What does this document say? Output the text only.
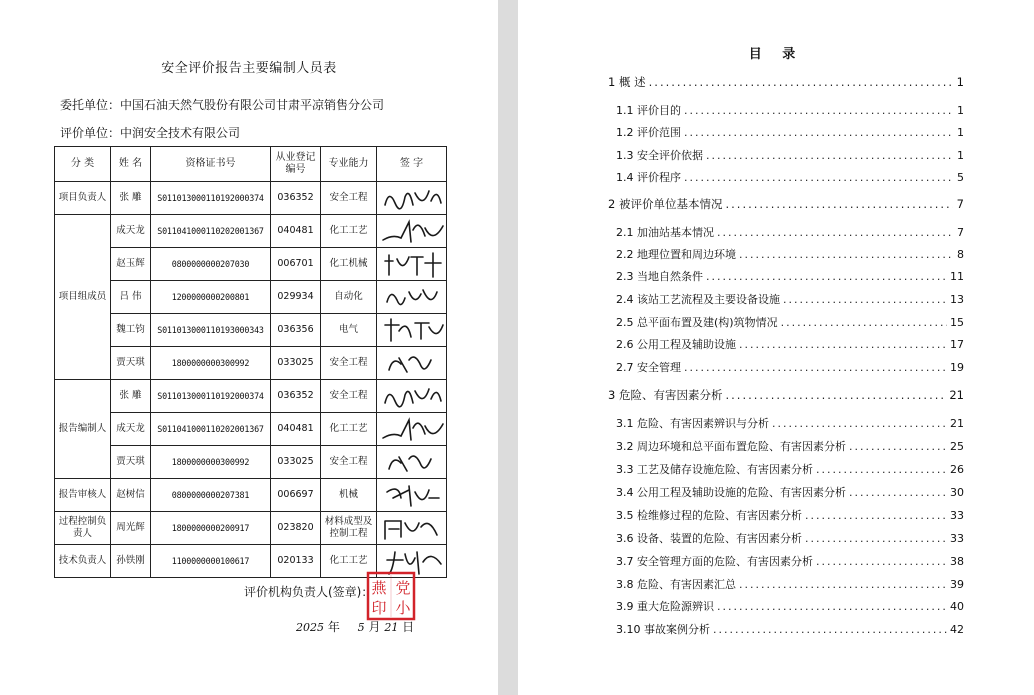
安全评价报告主要编制人员表
委托单位：中国石油天然气股份有限公司甘肃平凉销售分公司
评价单位：中润安全技术有限公司
分 类	姓 名	资格证书号	从业登记编号	专业能力	签 字
项目负责人	张 雕	S011013000110192000374	036352	安全工程	

项目组成员	成天龙	S011041000110202001367	040481	化工工艺	

	赵玉辉	0800000000207030	006701	化工机械	

	吕 伟	1200000000200801	029934	自动化	

	魏工钧	S011013000110193000343	036356	电气	

	贾天琪	1800000000300992	033025	安全工程	

报告编制人	张 雕	S011013000110192000374	036352	安全工程	

	成天龙	S011041000110202001367	040481	化工工艺	

	贾天琪	1800000000300992	033025	安全工程	

报告审核人	赵树信	0800000000207381	006697	机械	

过程控制负责人	周光辉	1800000000200917	023820	材料成型及控制工程	

技术负责人	孙铁刚	1100000000100617	020133	化工工艺	
评价机构负责人(签章)：
燕 党
印 小
2025 年 5 月 21 日
目 录
1 概 述 .....	1
1.1 评价目的 .....	1
1.2 评价范围 .....	1
1.3 安全评价依据 .....	1
1.4 评价程序 .....	5
2 被评价单位基本情况 .....	7
2.1 加油站基本情况 .....	7
2.2 地理位置和周边环境 .....	8
2.3 当地自然条件 .....	11
2.4 该站工艺流程及主要设备设施 .....	13
2.5 总平面布置及建(构)筑物情况 .....	15
2.6 公用工程及辅助设施 .....	17
2.7 安全管理 .....	19
3 危险、有害因素分析 .....	21
3.1 危险、有害因素辨识与分析 .....	21
3.2 周边环境和总平面布置危险、有害因素分析 .....	25
3.3 工艺及储存设施危险、有害因素分析 .....	26
3.4 公用工程及辅助设施的危险、有害因素分析 .....	30
3.5 检维修过程的危险、有害因素分析 .....	33
3.6 设备、装置的危险、有害因素分析 .....	33
3.7 安全管理方面的危险、有害因素分析 .....	38
3.8 危险、有害因素汇总 .....	39
3.9 重大危险源辨识 .....	40
3.10 事故案例分析 .....	42
